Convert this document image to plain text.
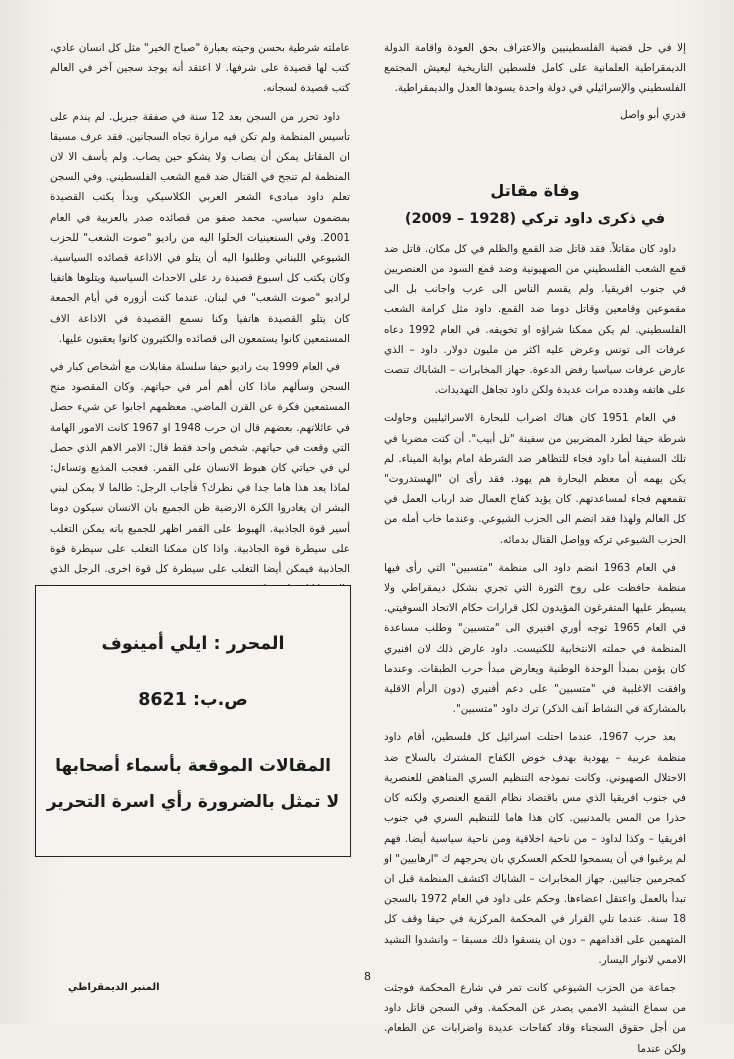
إلا في حل قضية الفلسطينيين والاعتراف بحق العودة واقامة الدولة الديمقراطية العلمانية على كامل فلسطين التاريخية ليعيش المجتمع الفلسطيني والإسرائيلي في دولة واحدة يسودها العدل والديمقراطية.

قدري أبو واصل

وفاة مقاتل
في ذكرى داود تركي (1928 – 2009)

داود كان مقاتلاً. فقد قاتل ضد القمع والظلم في كل مكان. قاتل ضد قمع الشعب الفلسطيني من الصهيونية وضد قمع السود من العنصريين في جنوب افريقيا. ولم يقسم الناس الى عرب واجانب بل الى مقموعين وقامعين وقاتل دوما ضد القمع. داود مثل كرامة الشعب الفلسطيني. لم يكن ممكنا شراؤه او تخويفه. في العام 1992 دعاه عرفات الى تونس وعرض عليه اكثر من مليون دولار. داود – الذي عارض عرفات سياسيا رفض الدعوة. جهاز المخابرات – الشاباك تنصت على هاتفه وهدده مرات عديدة ولكن داود تجاهل التهديدات.

في العام 1951 كان هناك اضراب للبحارة الاسرائيليين وحاولت شرطة حيفا لطرد المضربين من سفينة "تل أبيب". أن كنت مضربا في تلك السفينة أما داود فجاء للتظاهر ضد الشرطة امام بوابة الميناء. لم يكن يهمه أن معظم البحارة هم يهود. فقد رأى ان "الهستدروت" تقمعهم فجاء لمساعدتهم. كان يؤيد كفاح العمال ضد ارباب العمل في كل العالم ولهذا فقد انضم الى الحزب الشيوعي. وعندما خاب أمله من الحزب الشيوعي تركه وواصل القتال بدمائه.

في العام 1963 انضم داود الى منظمة "متسبين" التي رأى فيها منظمة حافظت على روح الثورة التي تجري بشكل ديمقراطي ولا يسيطر عليها المتفرغون المؤيدون لكل قرارات حكام الاتحاد السوفيتي. في العام 1965 توجه أوري افنيري الى "متسبين" وطلب مساعدة المنظمة في حملته الانتخابية للكنيست. داود عارض ذلك لان افنيري كان يؤمن بمبدأ الوحدة الوطنية ويعارض مبدأ حرب الطبقات. وعندما وافقت الاغلبية في "متسبين" على دعم أفنيري (دون الرأم الاقلية بالمشاركة في النشاط آنف الذكر) ترك داود "متسبين".

بعد حرب 1967، عندما احتلت اسرائيل كل فلسطين، أقام داود منظمة عربية – يهودية بهدف خوض الكفاح المشترك بالسلاح ضد الاحتلال الصهيوني. وكانت نموذجه التنظيم السري المناهض للعنصرية في جنوب افريقيا الذي مس باقتصاد نظام القمع العنصري ولكنه كان حذرا من المس بالمدنيين. كان هذا هاما للتنظيم السري في جنوب افريقيا – وكذا لداود – من ناحية اخلاقية ومن ناحية سياسية أيضا. فهم لم يرغبوا في أن يسمحوا للحكم العسكري بان يحرجهم ك "ارهابيين" او كمجرمين جنائيين. جهاز المخابرات – الشاباك اكتشف المنظمة قبل ان تبدأ بالعمل واعتقل اعضاءها. وحكم على داود في العام 1972 بالسجن 18 سنة. عندما تلي القرار في المحكمة المركزية في حيفا وقف كل المتهمين على اقدامهم – دون ان ينسقوا ذلك مسبقا – وانشدوا النشيد الاممي لانوار اليسار.

جماعة من الحزب الشيوعي كانت تمر في شارع المحكمة فوجئت من سماع النشيد الاممي يصدر عن المحكمة. وفي السجن قاتل داود من أجل حقوق السجناء وقاد كفاحات عديدة واضرابات عن الطعام. ولكن عندما

عاملته شرطية بحسن وحيته بعبارة "صباح الخير" مثل كل انسان عادي، كتب لها قصيدة على شرفها. لا اعتقد أنه يوجد سجين آخر في العالم كتب قصيدة لسجانه.

داود تحرر من السجن بعد 12 سنة في صفقة جبريل. لم يندم على تأسيس المنظمة ولم تكن فيه مرارة تجاه السجانين. فقد عرف مسبقا ان المقاتل يمكن أن يصاب ولا يشكو حين يصاب. ولم يأسف الا لان المنظمة لم تنجح في القتال ضد قمع الشعب الفلسطيني. وفي السجن تعلم داود مبادىء الشعر العربي الكلاسيكي وبدأ يكتب القصيدة بمضمون سياسي. محمد صفو من قصائده صدر بالعربية في العام 2001. وفي السنعينيات الحلوا اليه من راديو "صوت الشعب" للحزب الشيوعي اللبناني وطلبوا اليه أن يتلو في الاذاعة قصائده السياسية. وكان يكتب كل اسبوع قصيدة رد على الاحداث السياسية ويتلوها هاتفيا لراديو "صوت الشعب" في لبنان. عندما كنت أزوره في أيام الجمعة كان يتلو القصيدة هاتفيا وكنا نسمع القصيدة في الاذاعة الاف المستمعين كانوا يستمعون الى قصائده والكثيرون كانوا يعقبون عليها.

في العام 1999 بث راديو حيفا سلسلة مقابلات مع أشخاص كبار في السجن وسألهم ماذا كان أهم أمر في حياتهم. وكان المقصود منح المستمعين فكرة عن القرن الماضي. معظمهم اجابوا عن شيء حصل في عائلاتهم. بعضهم قال ان حرب 1948 او 1967 كانت الامور الهامة التي وقعت في حياتهم. شخص واحد فقط قال: الامر الاهم الذي حصل لي في حياتي كان هبوط الانسان على القمر. فعجب المذيع وتساءل: لماذا يعد هذا هاما جدا في نظرك؟ فأجاب الرجل: طالما لا يمكن لبني البشر ان يغادروا الكرة الارضية ظن الجميع بان الانسان سيكون دوما أسير قوة الجاذبية. الهبوط على القمر اظهر للجميع بانه يمكن التغلب على سيطرة قوة الجاذبية. واذا كان ممكنا التغلب على سيطرة قوة الجاذبية فيمكن أيضا التغلب على سيطرة كل قوة اخرى. الرجل الذي

المحرر : ايلي أمينوف
ص.ب: 8621
المقالات الموقعة بأسماء أصحابها لا تمثل بالضرورة رأي اسرة التحرير
8
المنبر الديمقراطي
